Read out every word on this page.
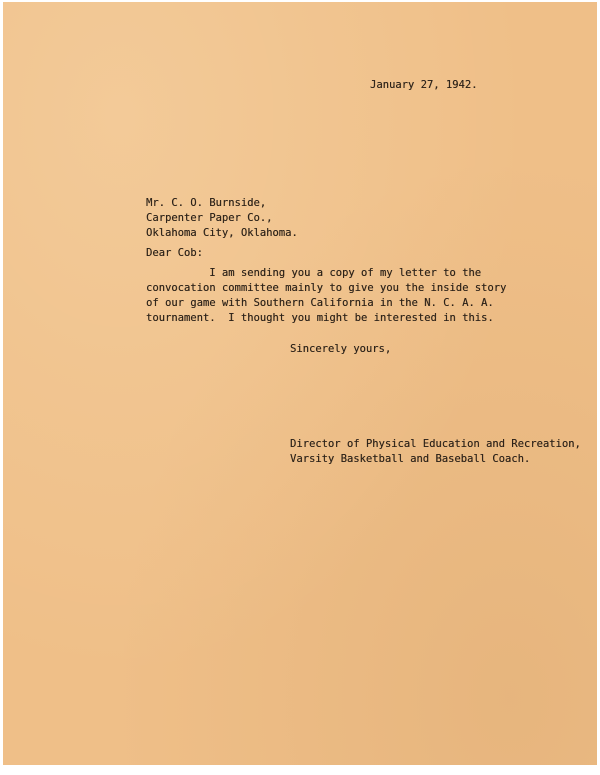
January 27, 1942.
Mr. C. O. Burnside,
Carpenter Paper Co.,
Oklahoma City, Oklahoma.
Dear Cob:
I am sending you a copy of my letter to the
convocation committee mainly to give you the inside story
of our game with Southern California in the N. C. A. A.
tournament.  I thought you might be interested in this.
Sincerely yours,
Director of Physical Education and Recreation,
Varsity Basketball and Baseball Coach.
